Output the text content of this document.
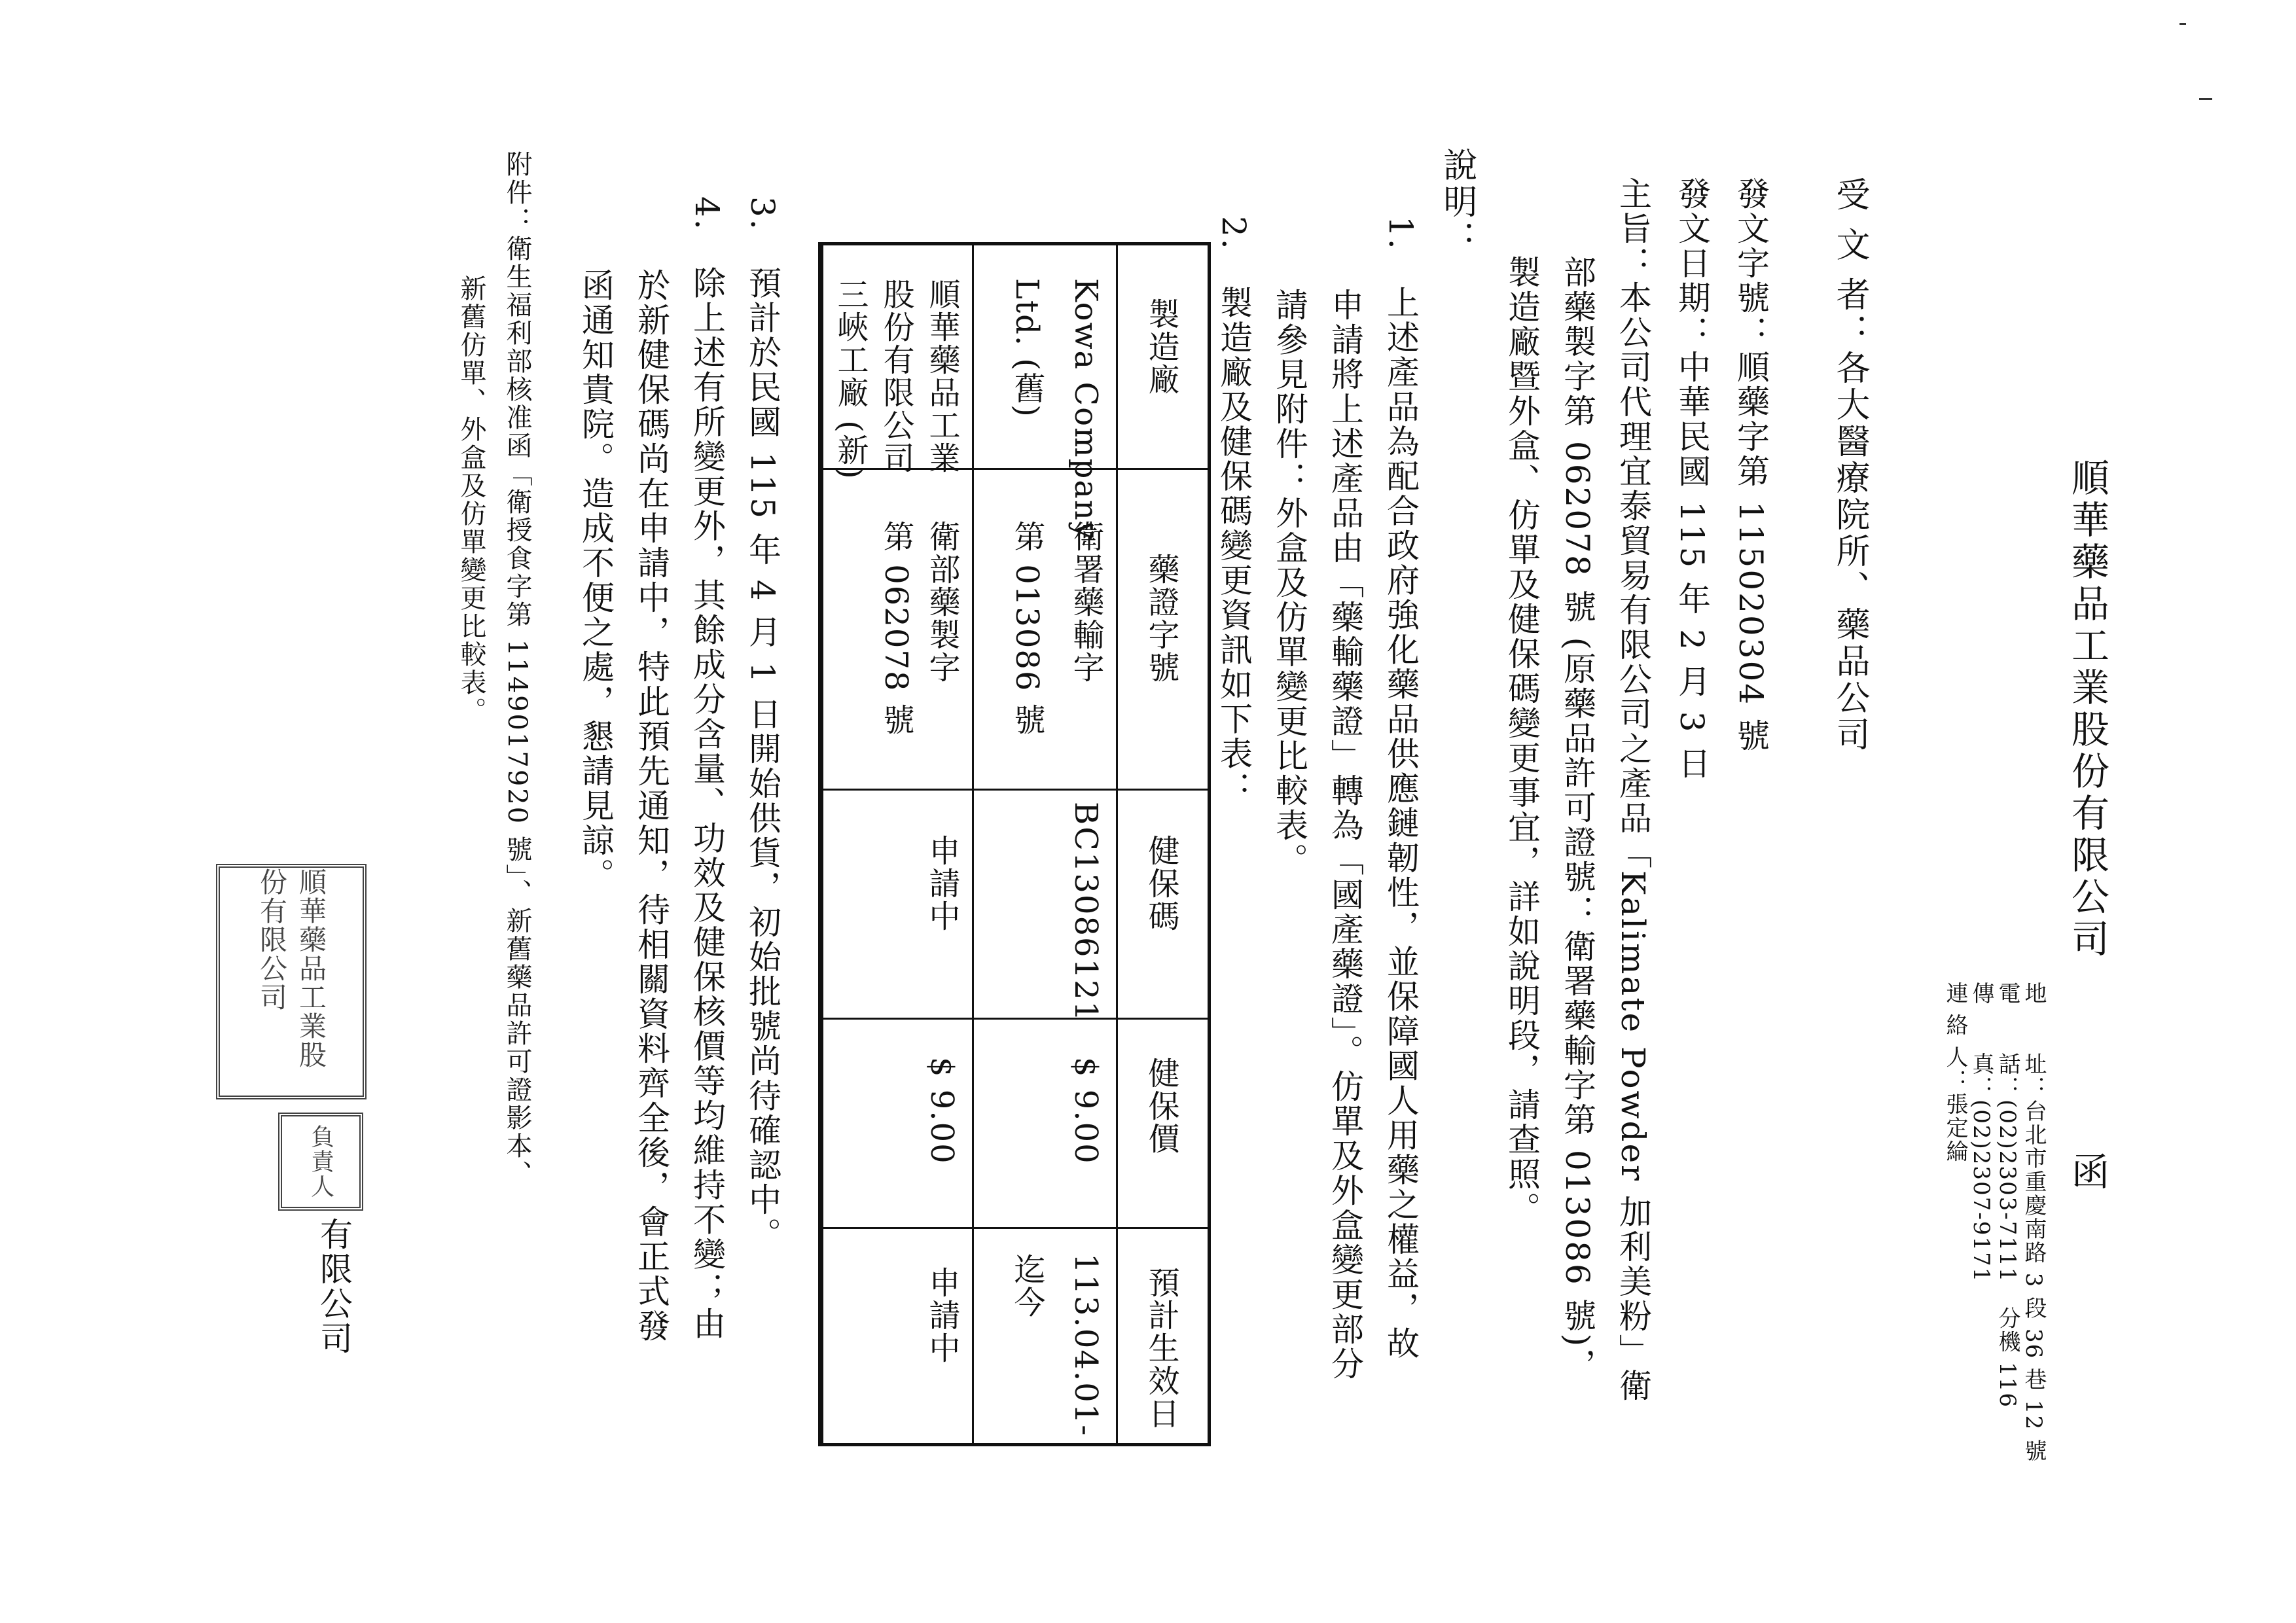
順華藥品工業股份有限公司
函
地　　址：台北市重慶南路 3 段 36 巷 12 號
電　　話：(02)2303-7111　分機 116
傳　　真：(02)2307-9171
連 絡 人：張定綸
受 文 者：各大醫療院所、藥品公司
發文字號：順藥字第 115020304 號
發文日期：中華民國 115 年 2 月 3 日
主旨：本公司代理宜泰貿易有限公司之產品「Kalimate Powder 加利美粉」衛
部藥製字第 062078 號 (原藥品許可證號：衛署藥輸字第 013086 號)，
製造廠暨外盒、仿單及健保碼變更事宜，詳如說明段，請查照。
說明：
1.　上述產品為配合政府強化藥品供應鏈韌性，並保障國人用藥之權益，故
申請將上述產品由「藥輸藥證」轉為「國產藥證」。仿單及外盒變更部分
請參見附件：外盒及仿單變更比較表。
2.　製造廠及健保碼變更資訊如下表：
製造廠
藥證字號
健保碼
健保價
預計生效日
Kowa Company
Ltd. (舊)
衛署藥輸字
第 013086 號
BC13086121
$ 9.00
113.04.01-
迄今
順華藥品工業
股份有限公司
三峽工廠 (新)
衛部藥製字
第 062078 號
申請中
$ 9.00
申請中
3.　預計於民國 115 年 4 月 1 日開始供貨，初始批號尚待確認中。
4.　除上述有所變更外，其餘成分含量、功效及健保核價等均維持不變；由
於新健保碼尚在申請中，特此預先通知，待相關資料齊全後，會正式發
函通知貴院。造成不便之處，懇請見諒。
附件：衛生福利部核准函「衛授食字第 1149017920 號」、新舊藥品許可證影本、
新舊仿單、外盒及仿單變更比較表。
順華藥品工業股份有限公司
負責人
有限公司
